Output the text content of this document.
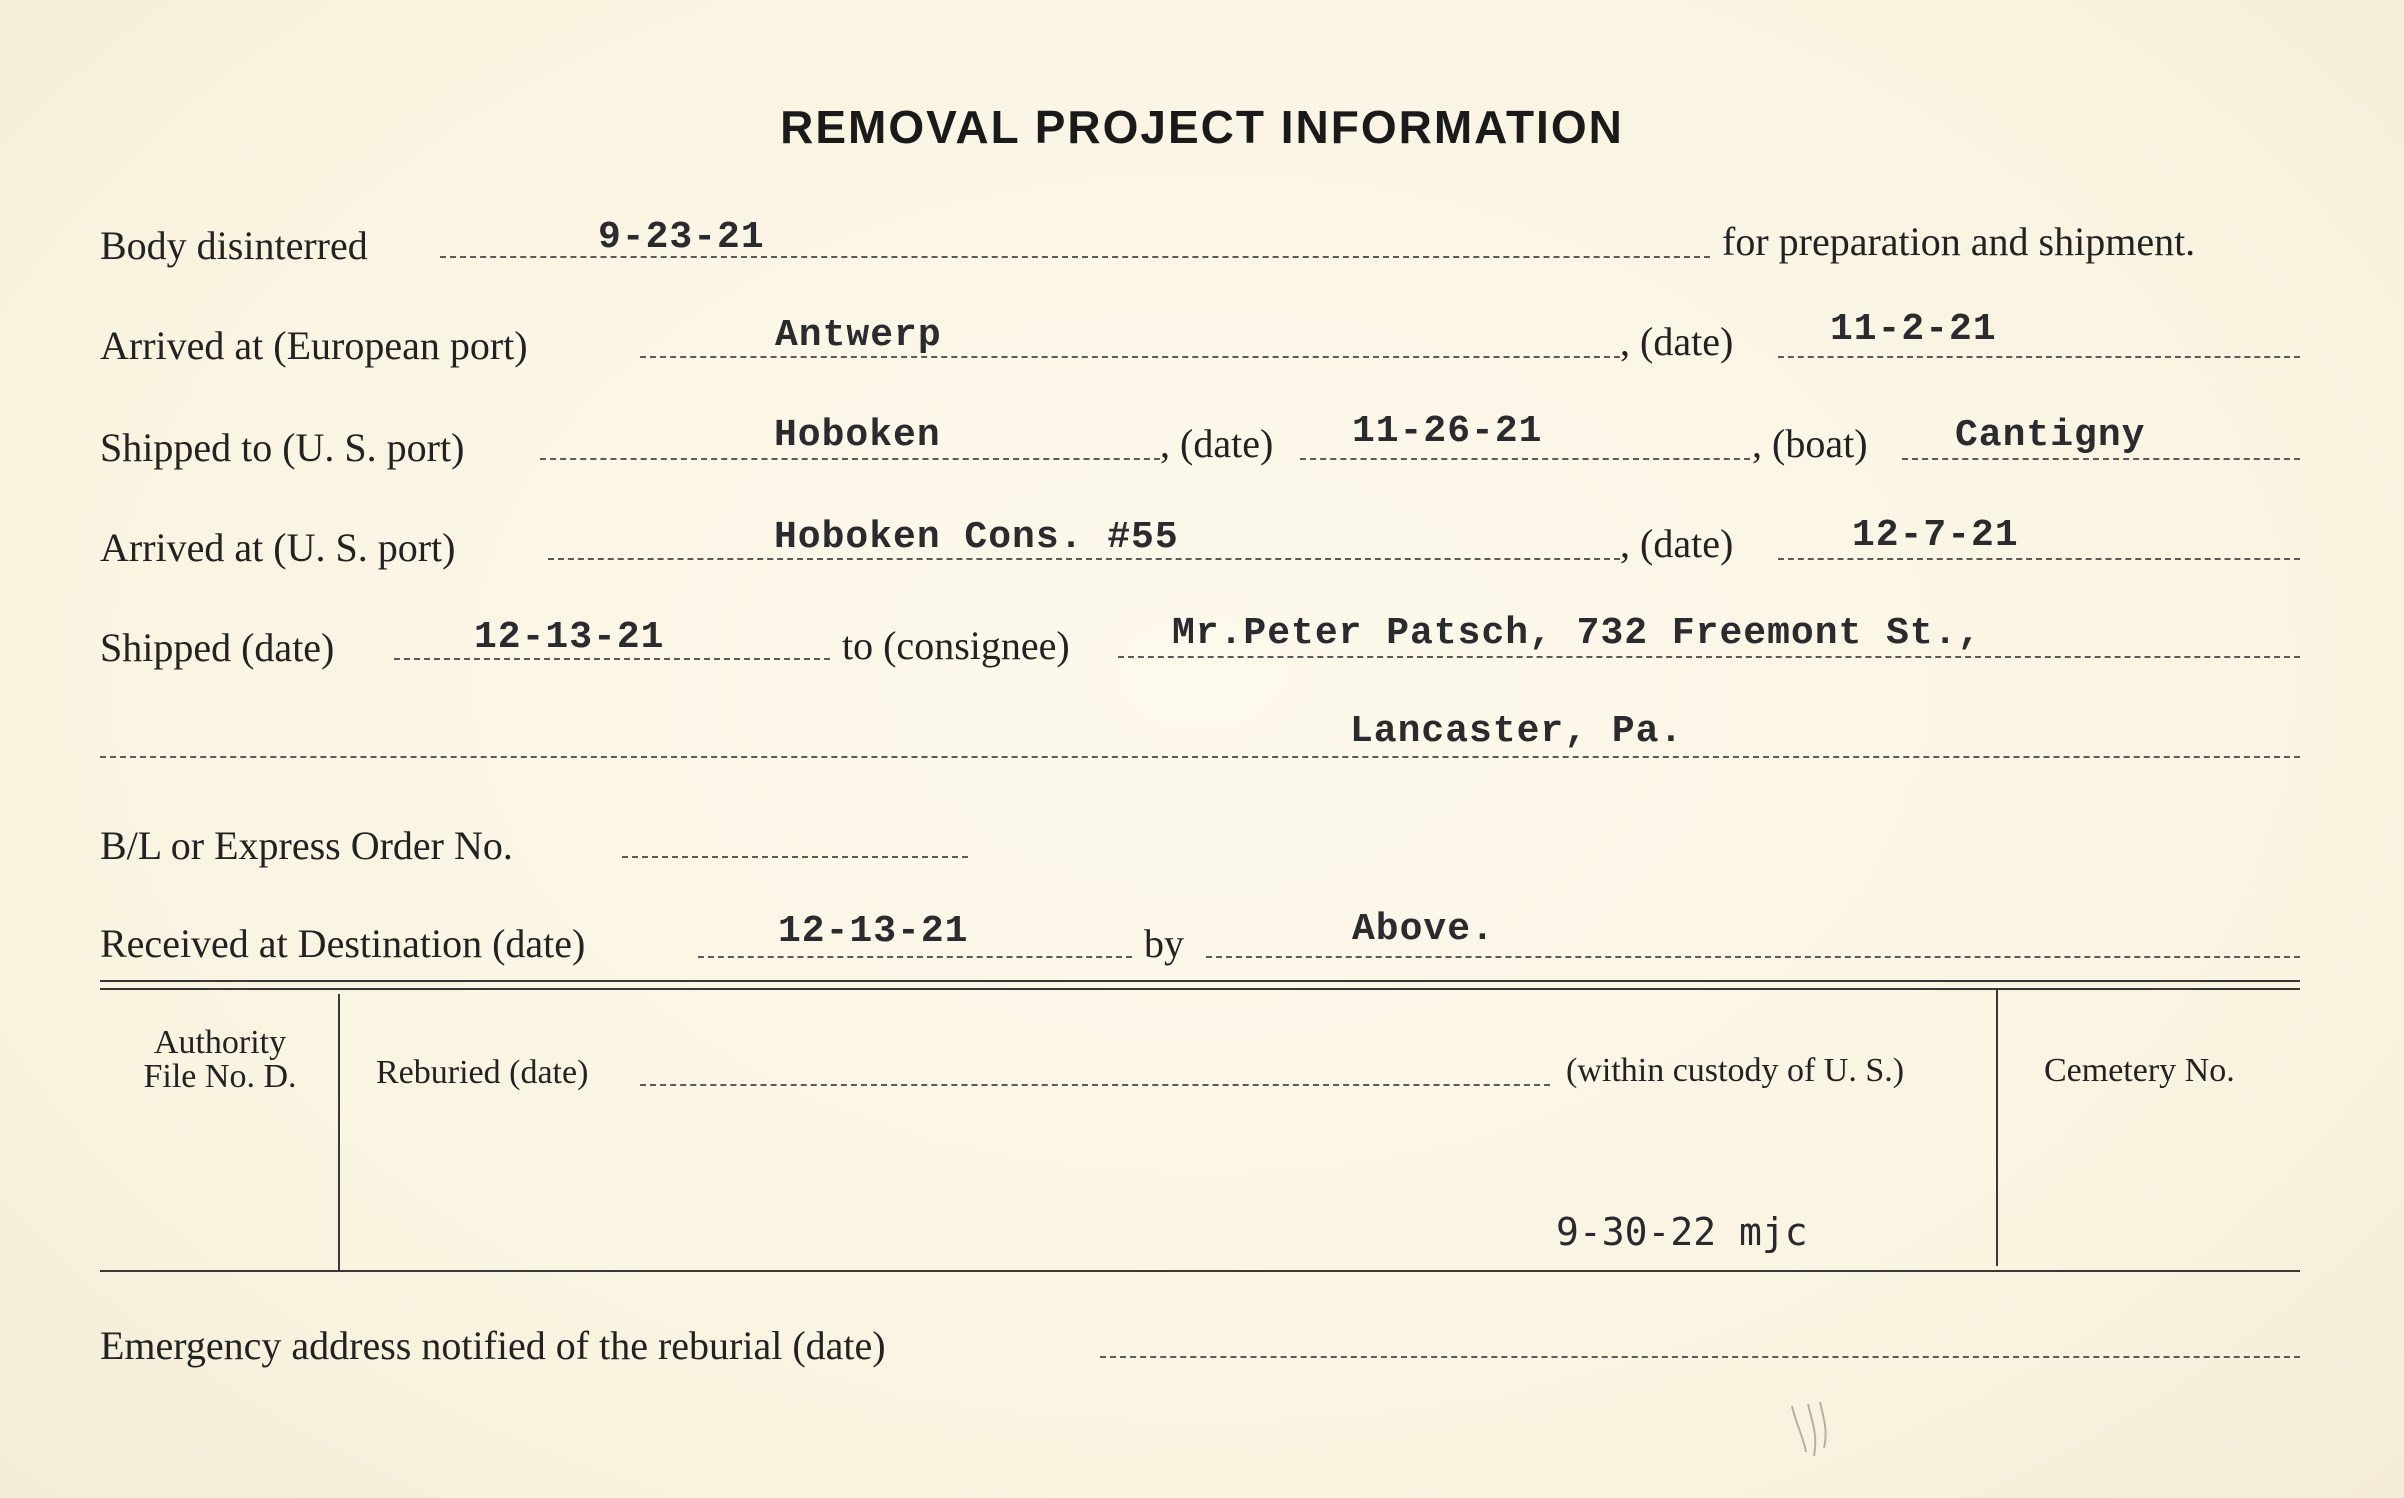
REMOVAL PROJECT INFORMATION
Body disinterred	9-23-21	for preparation and shipment.
Arrived at (European port)	Antwerp	, (date)	11-2-21
Shipped to (U. S. port)	Hoboken	, (date) 11-26-21	, (boat) Cantigny
Arrived at (U. S. port)	Hoboken Cons. #55	, (date)	12-7-21
Shipped (date)	12-13-21	to (consignee)	Mr.Peter Patsch, 732 Freemont St.,
Lancaster, Pa.
B/L or Express Order No.
Received at Destination (date)	12-13-21	by	Above.
Authority
File No. D.	Reburied (date)	(within custody of U. S.)	Cemetery No.
9-30-22 mjc
Emergency address notified of the reburial (date)
